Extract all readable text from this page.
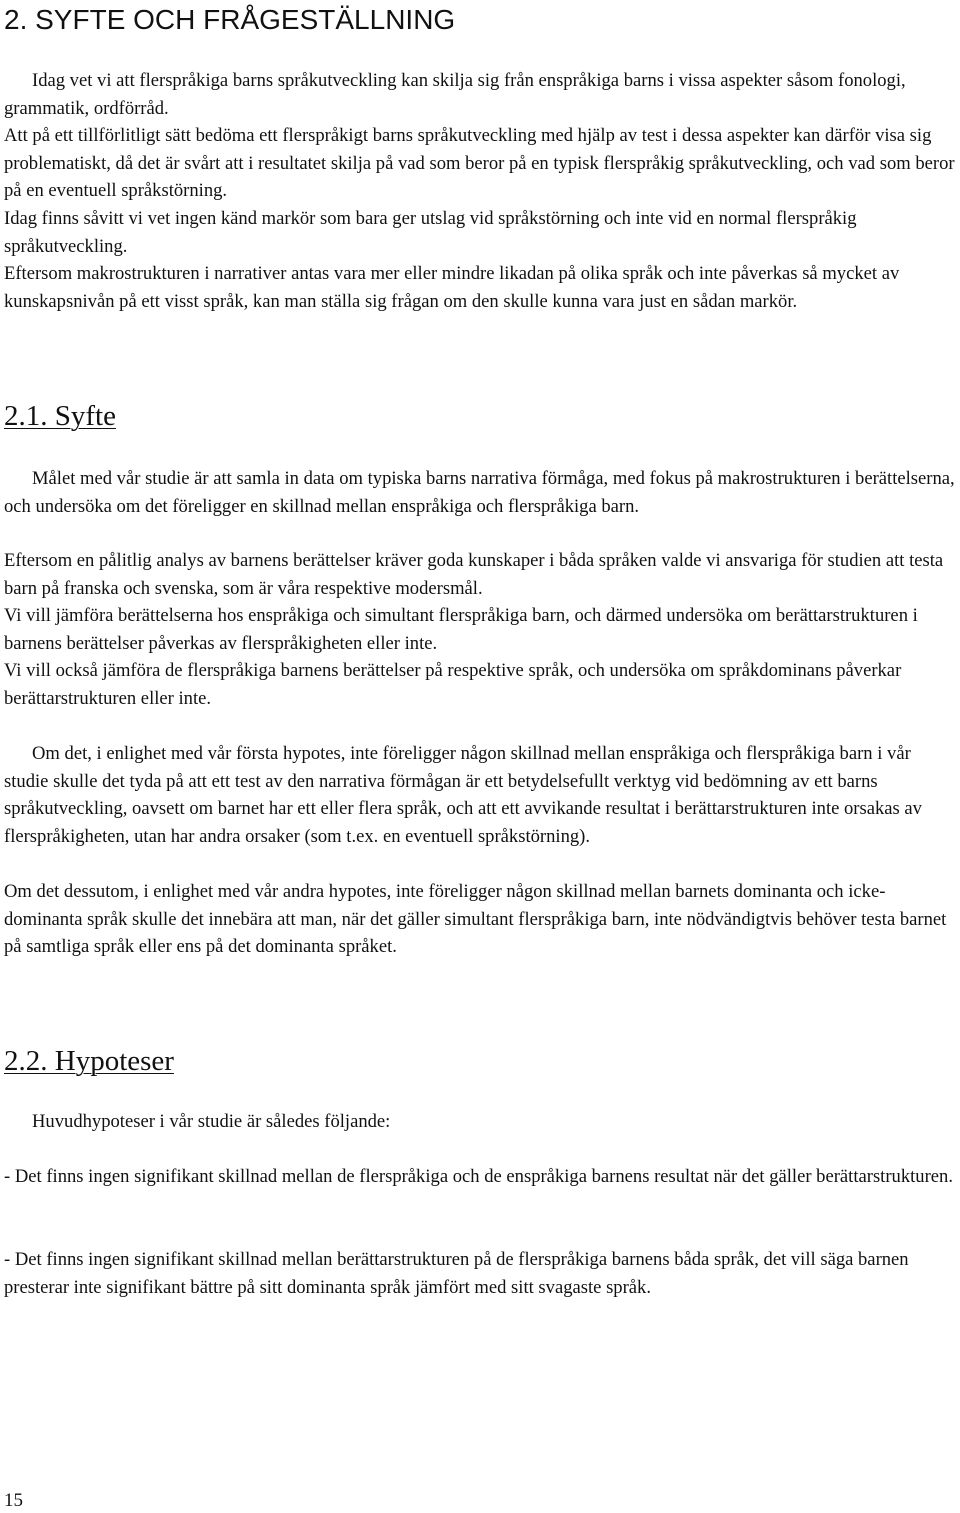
2. SYFTE OCH FRÅGESTÄLLNING

Idag vet vi att flerspråkiga barns språkutveckling kan skilja sig från enspråkiga barns i vissa aspekter såsom fonologi, grammatik, ordförråd.

Att på ett tillförlitligt sätt bedöma ett flerspråkigt barns språkutveckling med hjälp av test i dessa aspekter kan därför visa sig problematiskt, då det är svårt att i resultatet skilja på vad som beror på en typisk flerspråkig språkutveckling, och vad som beror på en eventuell språkstörning.

Idag finns såvitt vi vet ingen känd markör som bara ger utslag vid språkstörning och inte vid en normal flerspråkig språkutveckling.

Eftersom makrostrukturen i narrativer antas vara mer eller mindre likadan på olika språk och inte påverkas så mycket av kunskapsnivån på ett visst språk, kan man ställa sig frågan om den skulle kunna vara just en sådan markör.

2.1. Syfte

Målet med vår studie är att samla in data om typiska barns narrativa förmåga, med fokus på makrostrukturen i berättelserna, och undersöka om det föreligger en skillnad mellan enspråkiga och flerspråkiga barn.

Eftersom en pålitlig analys av barnens berättelser kräver goda kunskaper i båda språken valde vi ansvariga för studien att testa barn på franska och svenska, som är våra respektive modersmål.

Vi vill jämföra berättelserna hos enspråkiga och simultant flerspråkiga barn, och därmed undersöka om berättarstrukturen i barnens berättelser påverkas av flerspråkigheten eller inte.

Vi vill också jämföra de flerspråkiga barnens berättelser på respektive språk, och undersöka om språkdominans påverkar berättarstrukturen eller inte.

Om det, i enlighet med vår första hypotes, inte föreligger någon skillnad mellan enspråkiga och flerspråkiga barn i vår studie skulle det tyda på att ett test av den narrativa förmågan är ett betydelsefullt verktyg vid bedömning av ett barns språkutveckling, oavsett om barnet har ett eller flera språk, och att ett avvikande resultat i berättarstrukturen inte orsakas av flerspråkigheten, utan har andra orsaker (som t.ex. en eventuell språkstörning).

Om det dessutom, i enlighet med vår andra hypotes, inte föreligger någon skillnad mellan barnets dominanta och icke-dominanta språk skulle det innebära att man, när det gäller simultant flerspråkiga barn, inte nödvändigtvis behöver testa barnet på samtliga språk eller ens på det dominanta språket.

2.2. Hypoteser

Huvudhypoteser i vår studie är således följande:

- Det finns ingen signifikant skillnad mellan de flerspråkiga och de enspråkiga barnens resultat när det gäller berättarstrukturen.

- Det finns ingen signifikant skillnad mellan berättarstrukturen på de flerspråkiga barnens båda språk, det vill säga barnen presterar inte signifikant bättre på sitt dominanta språk jämfört med sitt svagaste språk.

15
